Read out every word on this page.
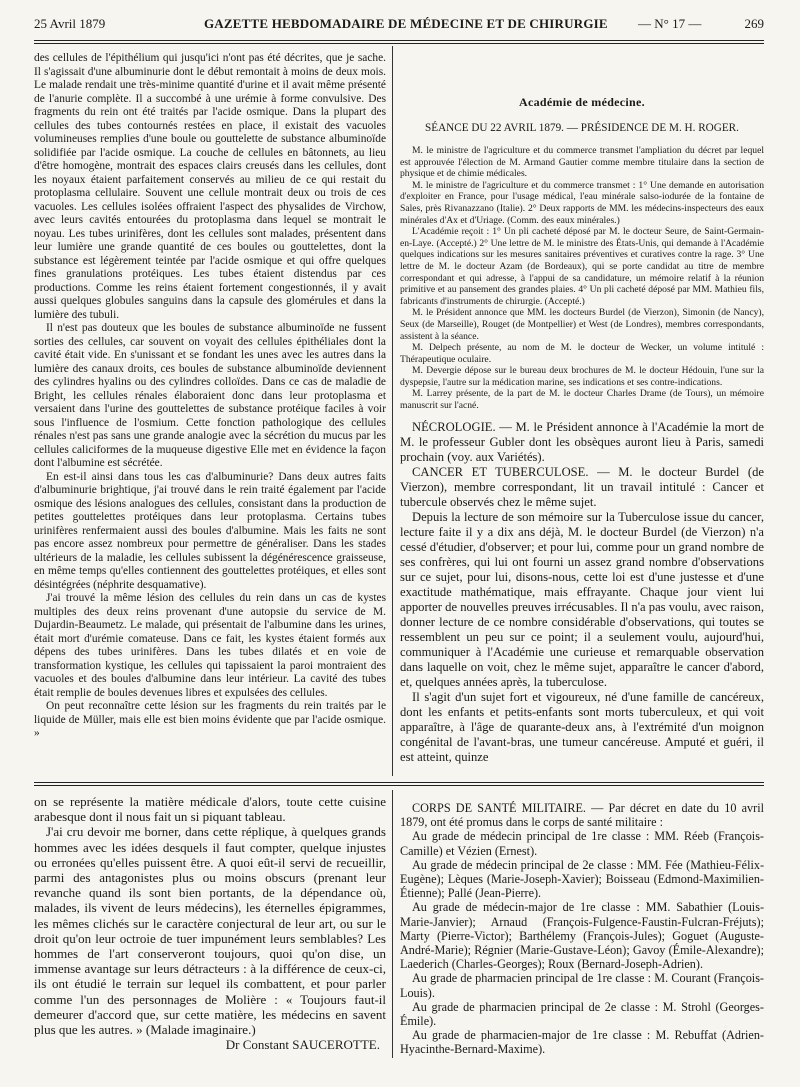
25 Avril 1879	GAZETTE HEBDOMADAIRE DE MÉDECINE ET DE CHIRURGIE — N° 17 —	269

des cellules de l'épithélium qui jusqu'ici n'ont pas été décrites, que je sache. Il s'agissait d'une albuminurie dont le début remontait à moins de deux mois. Le malade rendait une très-minime quantité d'urine et il avait même présenté de l'anurie complète. Il a succombé à une urémie à forme convulsive. Des fragments du rein ont été traités par l'acide osmique. Dans la plupart des cellules des tubes contournés restées en place, il existait des vacuoles volumineuses remplies d'une boule ou gouttelette de substance albuminoïde solidifiée par l'acide osmique. La couche de cellules en bâtonnets, au lieu d'être homogène, montrait des espaces clairs creusés dans les cellules, dont les noyaux étaient parfaitement conservés au milieu de ce qui restait du protoplasma cellulaire. Souvent une cellule montrait deux ou trois de ces vacuoles. Les cellules isolées offraient l'aspect des physalides de Virchow, avec leurs cavités entourées du protoplasma dans lequel se montrait le noyau. Les tubes urinifères, dont les cellules sont malades, présentent dans leur lumière une grande quantité de ces boules ou gouttelettes, dont la substance est légèrement teintée par l'acide osmique et qui offre quelques fines granulations protéiques. Les tubes étaient distendus par ces productions. Comme les reins étaient fortement congestionnés, il y avait aussi quelques globules sanguins dans la capsule des glomérules et dans la lumière des tubuli.

Il n'est pas douteux que les boules de substance albuminoïde ne fussent sorties des cellules, car souvent on voyait des cellules épithéliales dont la cavité était vide. En s'unissant et se fondant les unes avec les autres dans la lumière des canaux droits, ces boules de substance albuminoïde deviennent des cylindres hyalins ou des cylindres colloïdes. Dans ce cas de maladie de Bright, les cellules rénales élaboraient donc dans leur protoplasma et versaient dans l'urine des gouttelettes de substance protéique faciles à voir sous l'influence de l'osmium. Cette fonction pathologique des cellules rénales n'est pas sans une grande analogie avec la sécrétion du mucus par les cellules caliciformes de la muqueuse digestive Elle met en évidence la façon dont l'albumine est sécrétée.

En est-il ainsi dans tous les cas d'albuminurie? Dans deux autres faits d'albuminurie brightique, j'ai trouvé dans le rein traité également par l'acide osmique des lésions analogues des cellules, consistant dans la production de petites gouttelettes protéiques dans leur protoplasma. Certains tubes urinifères renfermaient aussi des boules d'albumine. Mais les faits ne sont pas encore assez nombreux pour permettre de généraliser. Dans les stades ultérieurs de la maladie, les cellules subissent la dégénérescence graisseuse, en même temps qu'elles contiennent des gouttelettes protéiques, et elles sont désintégrées (néphrite desquamative).

J'ai trouvé la même lésion des cellules du rein dans un cas de kystes multiples des deux reins provenant d'une autopsie du service de M. Dujardin-Beaumetz. Le malade, qui présentait de l'albumine dans les urines, était mort d'urémie comateuse. Dans ce fait, les kystes étaient formés aux dépens des tubes urinifères. Dans les tubes dilatés et en voie de transformation kystique, les cellules qui tapissaient la paroi montraient des vacuoles et des boules d'albumine dans leur intérieur. La cavité des tubes était remplie de boules devenues libres et expulsées des cellules.

On peut reconnaître cette lésion sur les fragments du rein traités par le liquide de Müller, mais elle est bien moins évidente que par l'acide osmique. »

Académie de médecine.
SÉANCE DU 22 AVRIL 1879. — PRÉSIDENCE DE M. H. ROGER.

M. le ministre de l'agriculture et du commerce transmet l'ampliation du décret par lequel est approuvée l'élection de M. Armand Gautier comme membre titulaire dans la section de physique et de chimie médicales.

M. le ministre de l'agriculture et du commerce transmet : 1° Une demande en autorisation d'exploiter en France, pour l'usage médical, l'eau minérale salso-iodurée de la fontaine de Sales, près Rivanazzano (Italie). 2° Deux rapports de MM. les médecins-inspecteurs des eaux minérales d'Ax et d'Uriage. (Comm. des eaux minérales.)

L'Académie reçoit : 1° Un pli cacheté déposé par M. le docteur Seure, de Saint-Germain-en-Laye. (Accepté.) 2° Une lettre de M. le ministre des États-Unis, qui demande à l'Académie quelques indications sur les mesures sanitaires préventives et curatives contre la rage. 3° Une lettre de M. le docteur Azam (de Bordeaux), qui se porte candidat au titre de membre correspondant et qui adresse, à l'appui de sa candidature, un mémoire relatif à la réunion primitive et au pansement des grandes plaies. 4° Un pli cacheté déposé par MM. Mathieu fils, fabricants d'instruments de chirurgie. (Accepté.)

M. le Président annonce que MM. les docteurs Burdel (de Vierzon), Simonin (de Nancy), Seux (de Marseille), Rouget (de Montpellier) et West (de Londres), membres correspondants, assistent à la séance.

M. Delpech présente, au nom de M. le docteur de Wecker, un volume intitulé : Thérapeutique oculaire.

M. Devergie dépose sur le bureau deux brochures de M. le docteur Hédouin, l'une sur la dyspepsie, l'autre sur la médication marine, ses indications et ses contre-indications.

M. Larrey présente, de la part de M. le docteur Charles Drame (de Tours), un mémoire manuscrit sur l'acné.

NÉCROLOGIE. — M. le Président annonce à l'Académie la mort de M. le professeur Gubler dont les obsèques auront lieu à Paris, samedi prochain (voy. aux Variétés).

CANCER ET TUBERCULOSE. — M. le docteur Burdel (de Vierzon), membre correspondant, lit un travail intitulé : Cancer et tubercule observés chez le même sujet.

Depuis la lecture de son mémoire sur la Tuberculose issue du cancer, lecture faite il y a dix ans déjà, M. le docteur Burdel (de Vierzon) n'a cessé d'étudier, d'observer; et pour lui, comme pour un grand nombre de ses confrères, qui lui ont fourni un assez grand nombre d'observations sur ce sujet, pour lui, disons-nous, cette loi est d'une justesse et d'une exactitude mathématique, mais effrayante. Chaque jour vient lui apporter de nouvelles preuves irrécusables. Il n'a pas voulu, avec raison, donner lecture de ce nombre considérable d'observations, qui toutes se ressemblent un peu sur ce point; il a seulement voulu, aujourd'hui, communiquer à l'Académie une curieuse et remarquable observation dans laquelle on voit, chez le même sujet, apparaître le cancer d'abord, et, quelques années après, la tuberculose.

Il s'agit d'un sujet fort et vigoureux, né d'une famille de cancéreux, dont les enfants et petits-enfants sont morts tuberculeux, et qui voit apparaître, à l'âge de quarante-deux ans, à l'extrémité d'un moignon congénital de l'avant-bras, une tumeur cancéreuse. Amputé et guéri, il est atteint, quinze

on se représente la matière médicale d'alors, toute cette cuisine arabesque dont il nous fait un si piquant tableau.

J'ai cru devoir me borner, dans cette réplique, à quelques grands hommes avec les idées desquels il faut compter, quelque injustes ou erronées qu'elles puissent être. A quoi eût-il servi de recueillir, parmi des antagonistes plus ou moins obscurs (prenant leur revanche quand ils sont bien portants, de la dépendance où, malades, ils vivent de leurs médecins), les éternelles épigrammes, les mêmes clichés sur le caractère conjectural de leur art, ou sur le droit qu'on leur octroie de tuer impunément leurs semblables? Les hommes de l'art conserveront toujours, quoi qu'on dise, un immense avantage sur leurs détracteurs : à la différence de ceux-ci, ils ont étudié le terrain sur lequel ils combattent, et pour parler comme l'un des personnages de Molière : « Toujours faut-il demeurer d'accord que, sur cette matière, les médecins en savent plus que les autres. » (Malade imaginaire.)

Dr Constant SAUCEROTTE.

CORPS DE SANTÉ MILITAIRE. — Par décret en date du 10 avril 1879, ont été promus dans le corps de santé militaire :

Au grade de médecin principal de 1re classe : MM. Réeb (François-Camille) et Vézien (Ernest).

Au grade de médecin principal de 2e classe : MM. Fée (Mathieu-Félix-Eugène); Lèques (Marie-Joseph-Xavier); Boisseau (Edmond-Maximilien-Étienne); Pallé (Jean-Pierre).

Au grade de médecin-major de 1re classe : MM. Sabathier (Louis-Marie-Janvier); Arnaud (François-Fulgence-Faustin-Fulcran-Fréjuts); Marty (Pierre-Victor); Barthélemy (François-Jules); Goguet (Auguste-André-Marie); Régnier (Marie-Gustave-Léon); Gavoy (Émile-Alexandre); Laederich (Charles-Georges); Roux (Bernard-Joseph-Adrien).

Au grade de pharmacien principal de 1re classe : M. Courant (François-Louis).

Au grade de pharmacien principal de 2e classe : M. Strohl (Georges-Émile).

Au grade de pharmacien-major de 1re classe : M. Rebuffat (Adrien-Hyacinthe-Bernard-Maxime).
